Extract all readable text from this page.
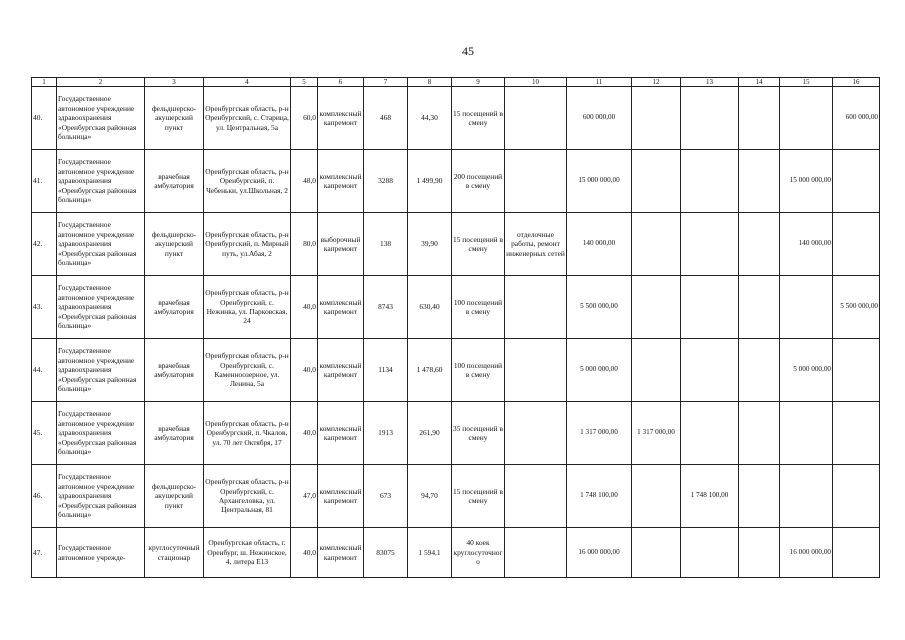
45
1	2	3	4	5	6	7	8	9	10	11	12	13	14	15	16
40.	Государственное автономное учреждение здравоохранения «Оренбургская районная больница»	фельдшерско-акушерский пункт	Оренбургская область, р-н Оренбургский, с. Старица, ул. Центральная, 5а	60,0	комплексный капремонт	468	44,30	15 посещений в смену		600 000,00					600 000,00
41.	Государственное автономное учреждение здравоохранения «Оренбургская районная больница»	врачебная амбулатория	Оренбургская область, р-н Оренбургский, п. Чебеньки, ул.Школьная, 2	48,0	комплексный капремонт	3288	1 499,90	200 посещений в смену		15 000 000,00				15 000 000,00	
42.	Государственное автономное учреждение здравоохранения «Оренбургская районная больница»	фельдшерско-акушерский пункт	Оренбургская область, р-н Оренбургский, п. Мирный путь, ул.Абая, 2	80,0	выборочный капремонт	138	39,90	15 посещений в смену	отделочные работы, ремонт инженерных сетей	140 000,00				140 000,00	
43.	Государственное автономное учреждение здравоохранения «Оренбургская районная больница»	врачебная амбулатория	Оренбургская область, р-н Оренбургский, с. Нежинка, ул. Парковская, 24	40,0	комплексный капремонт	8743	630,40	100 посещений в смену		5 500 000,00					5 500 000,00
44.	Государственное автономное учреждение здравоохранения «Оренбургская районная больница»	врачебная амбулатория	Оренбургская область, р-н Оренбургский, с. Каменноозерное, ул. Ленина, 5а	40,0	комплексный капремонт	1134	1 478,60	100 посещений в смену		5 000 000,00				5 000 000,00	
45.	Государственное автономное учреждение здравоохранения «Оренбургская районная больница»	врачебная амбулатория	Оренбургская область, р-н Оренбургский, п. Чкалов, ул. 70 лет Октября, 17	40,0	комплексный капремонт	1913	261,90	35 посещений в смену		1 317 000,00	1 317 000,00				
46.	Государственное автономное учреждение здравоохранения «Оренбургская районная больница»	фельдшерско-акушерский пункт	Оренбургская область, р-н Оренбургский, с. Архангеловка, ул. Центральная, 81	47,0	комплексный капремонт	673	94,70	15 посещений в смену		1 748 100,00		1 748 100,00			
47.	Государственное автономное учрежде-	круглосуточный стационар	Оренбургская область, г. Оренбург, ш. Нежинское, 4, литера Е13	40,0	комплексный капремонт	83075	1 594,1	40 коек круглосуточного		16 000 000,00				16 000 000,00	
